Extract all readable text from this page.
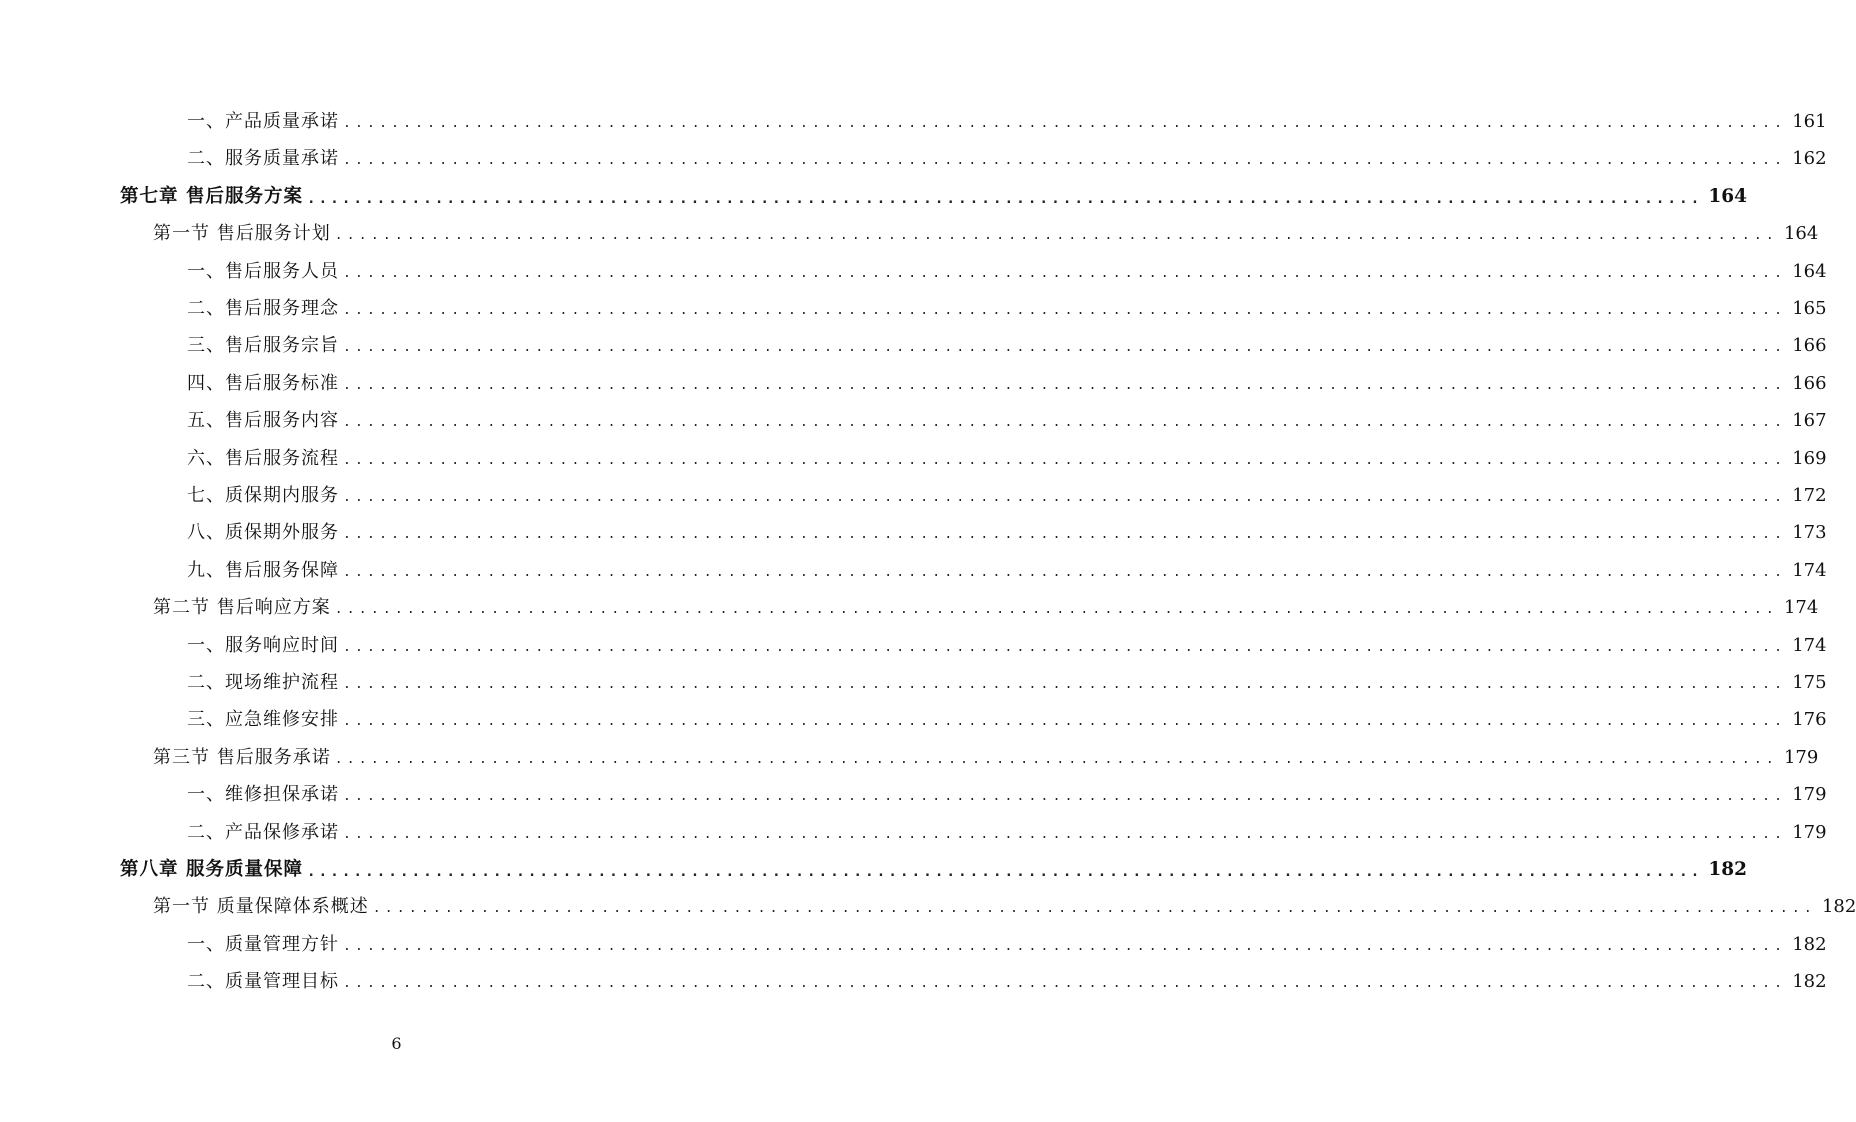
一、产品质量承诺 ........................................................................................................................ 161
二、服务质量承诺 ........................................................................................................................ 162
第七章 售后服务方案 ........................................................................................................................ 164
第一节 售后服务计划 ........................................................................................................................ 164
一、售后服务人员 ........................................................................................................................ 164
二、售后服务理念 ........................................................................................................................ 165
三、售后服务宗旨 ........................................................................................................................ 166
四、售后服务标准 ........................................................................................................................ 166
五、售后服务内容 ........................................................................................................................ 167
六、售后服务流程 ........................................................................................................................ 169
七、质保期内服务 ........................................................................................................................ 172
八、质保期外服务 ........................................................................................................................ 173
九、售后服务保障 ........................................................................................................................ 174
第二节 售后响应方案 ........................................................................................................................ 174
一、服务响应时间 ........................................................................................................................ 174
二、现场维护流程 ........................................................................................................................ 175
三、应急维修安排 ........................................................................................................................ 176
第三节 售后服务承诺 ........................................................................................................................ 179
一、维修担保承诺 ........................................................................................................................ 179
二、产品保修承诺 ........................................................................................................................ 179
第八章 服务质量保障 ........................................................................................................................ 182
第一节 质量保障体系概述 ........................................................................................................................ 182
一、质量管理方针 ........................................................................................................................ 182
二、质量管理目标 ........................................................................................................................ 182
6
